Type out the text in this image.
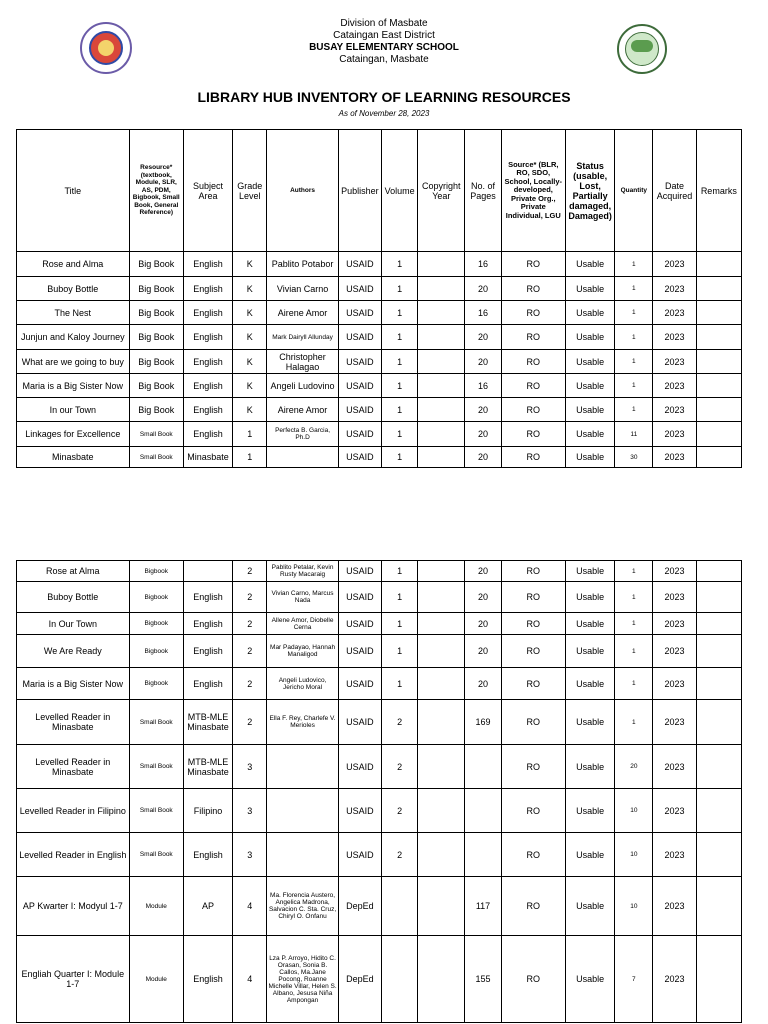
Division of Masbate
Cataingan East District
BUSAY ELEMENTARY SCHOOL
Cataingan, Masbate
LIBRARY HUB INVENTORY OF LEARNING RESOURCES
As of November 28, 2023
Title	Resource* (textbook, Module, SLR, AS, PDM, Bigbook, Small Book, General Reference)	Subject Area	Grade Level	Authors	Publisher	Volume	Copyright Year	No. of Pages	Source* (BLR, RO, SDO, School, Locally-developed, Private Org., Private Individual, LGU	Status (usable, Lost, Partially damaged, Damaged)	Quantity	Date Acquired	Remarks
Rose and Alma	Big Book	English	K	Pablito Potabor	USAID	1		16	RO	Usable	1	2023	
Buboy Bottle	Big Book	English	K	Vivian Carno	USAID	1		20	RO	Usable	1	2023	
The Nest	Big Book	English	K	Airene Amor	USAID	1		16	RO	Usable	1	2023	
Junjun and Kaloy Journey	Big Book	English	K	Mark Dairyll Allunday	USAID	1		20	RO	Usable	1	2023	
What are we going to buy	Big Book	English	K	Christopher Halagao	USAID	1		20	RO	Usable	1	2023	
Maria is a Big Sister Now	Big Book	English	K	Angeli Ludovino	USAID	1		16	RO	Usable	1	2023	
In our Town	Big Book	English	K	Airene Amor	USAID	1		20	RO	Usable	1	2023	
Linkages for Excellence	Small Book	English	1	Perfecta B. Garcia, Ph.D	USAID	1		20	RO	Usable	11	2023	
Minasbate	Small Book	Minasbate	1		USAID	1		20	RO	Usable	30	2023	
Rose at Alma	Bigbook		2	Pablito Petalar, Kevin Rusty Macaraig	USAID	1		20	RO	Usable	1	2023	
Buboy Bottle	Bigbook	English	2	Vivian Carno, Marcus Nada	USAID	1		20	RO	Usable	1	2023	
In Our Town	Bigbook	English	2	Allene Amor, Diobelle Cerna	USAID	1		20	RO	Usable	1	2023	
We Are Ready	Bigbook	English	2	Mar Padayao, Hannah Manaligod	USAID	1		20	RO	Usable	1	2023	
Maria is a Big Sister Now	Bigbook	English	2	Angeli Ludovico, Jericho Moral	USAID	1		20	RO	Usable	1	2023	
Levelled Reader in Minasbate	Small Book	MTB-MLE Minasbate	2	Ella F. Rey, Charlefe V. Merioles	USAID	2		169	RO	Usable	1	2023	
Levelled Reader in Minasbate	Small Book	MTB-MLE Minasbate	3		USAID	2			RO	Usable	20	2023	
Levelled Reader in Filipino	Small Book	Filipino	3		USAID	2			RO	Usable	10	2023	
Levelled Reader in English	Small Book	English	3		USAID	2			RO	Usable	10	2023	
AP Kwarter I: Modyul 1-7	Module	AP	4	Ma. Florencia Austero, Angelica Madrona, Salvacion C. Sta. Cruz, Chiryl O. Onfanu	DepEd			117	RO	Usable	10	2023	
Engliah Quarter I: Module 1-7	Module	English	4	Lza P. Arroyo, Hidito C. Orasan, Sonia B. Callos, Ma.Jane Pocong, Roanne Michelle Villar, Helen S. Albano, Jesusa Niña Ampongan	DepEd			155	RO	Usable	7	2023	
